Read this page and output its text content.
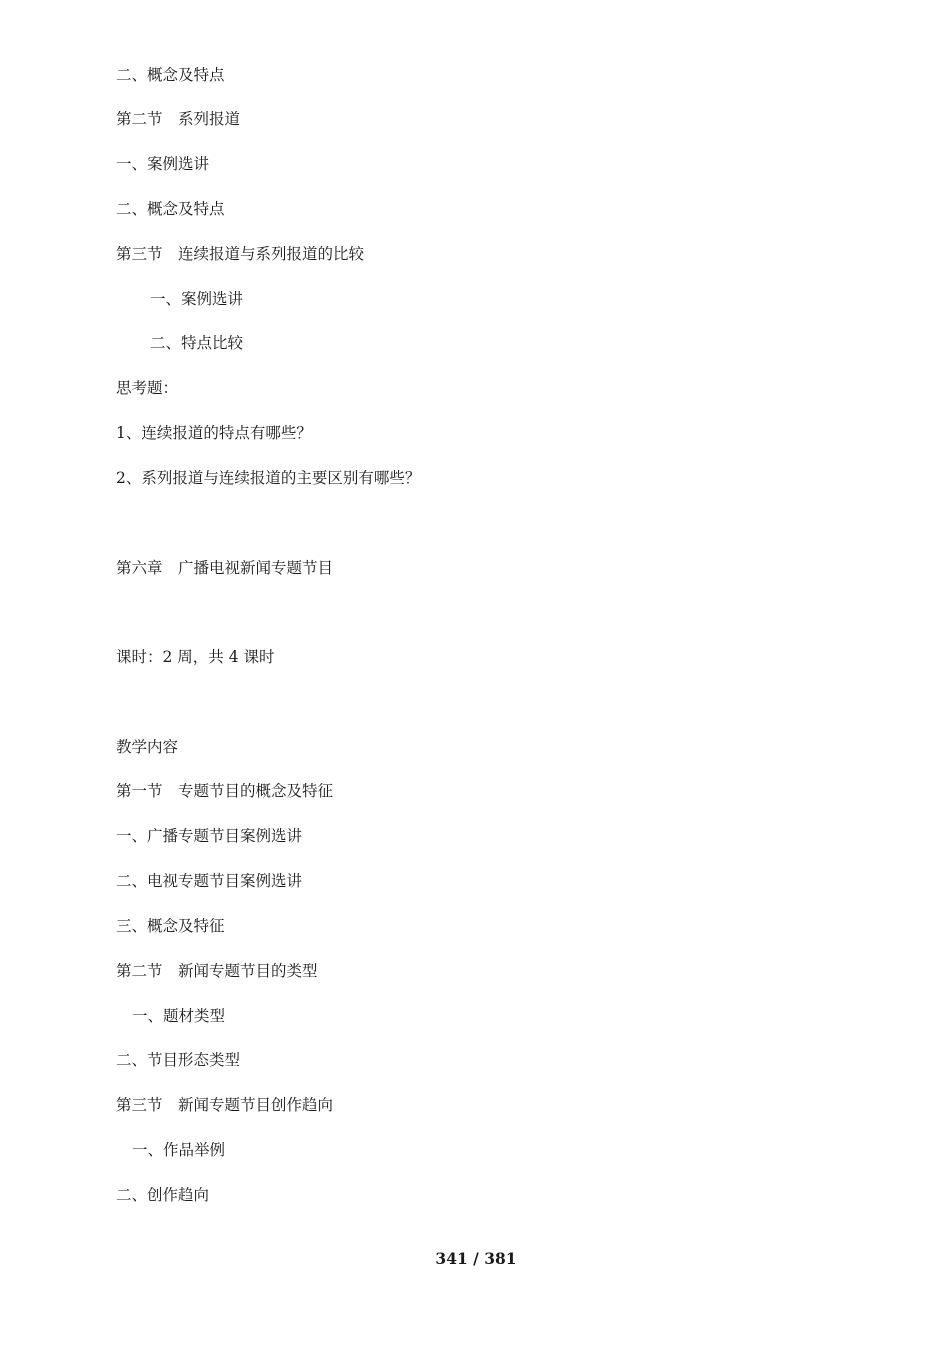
二、概念及特点
第二节　系列报道
一、案例选讲
二、概念及特点
第三节　连续报道与系列报道的比较
一、案例选讲
二、特点比较
思考题：
1、连续报道的特点有哪些？
2、系列报道与连续报道的主要区别有哪些？
第六章　广播电视新闻专题节目
课时：2 周，共 4 课时
教学内容
第一节　专题节目的概念及特征
一、广播专题节目案例选讲
二、电视专题节目案例选讲
三、概念及特征
第二节　新闻专题节目的类型
一、题材类型
二、节目形态类型
第三节　新闻专题节目创作趋向
一、作品举例
二、创作趋向
341 / 381
